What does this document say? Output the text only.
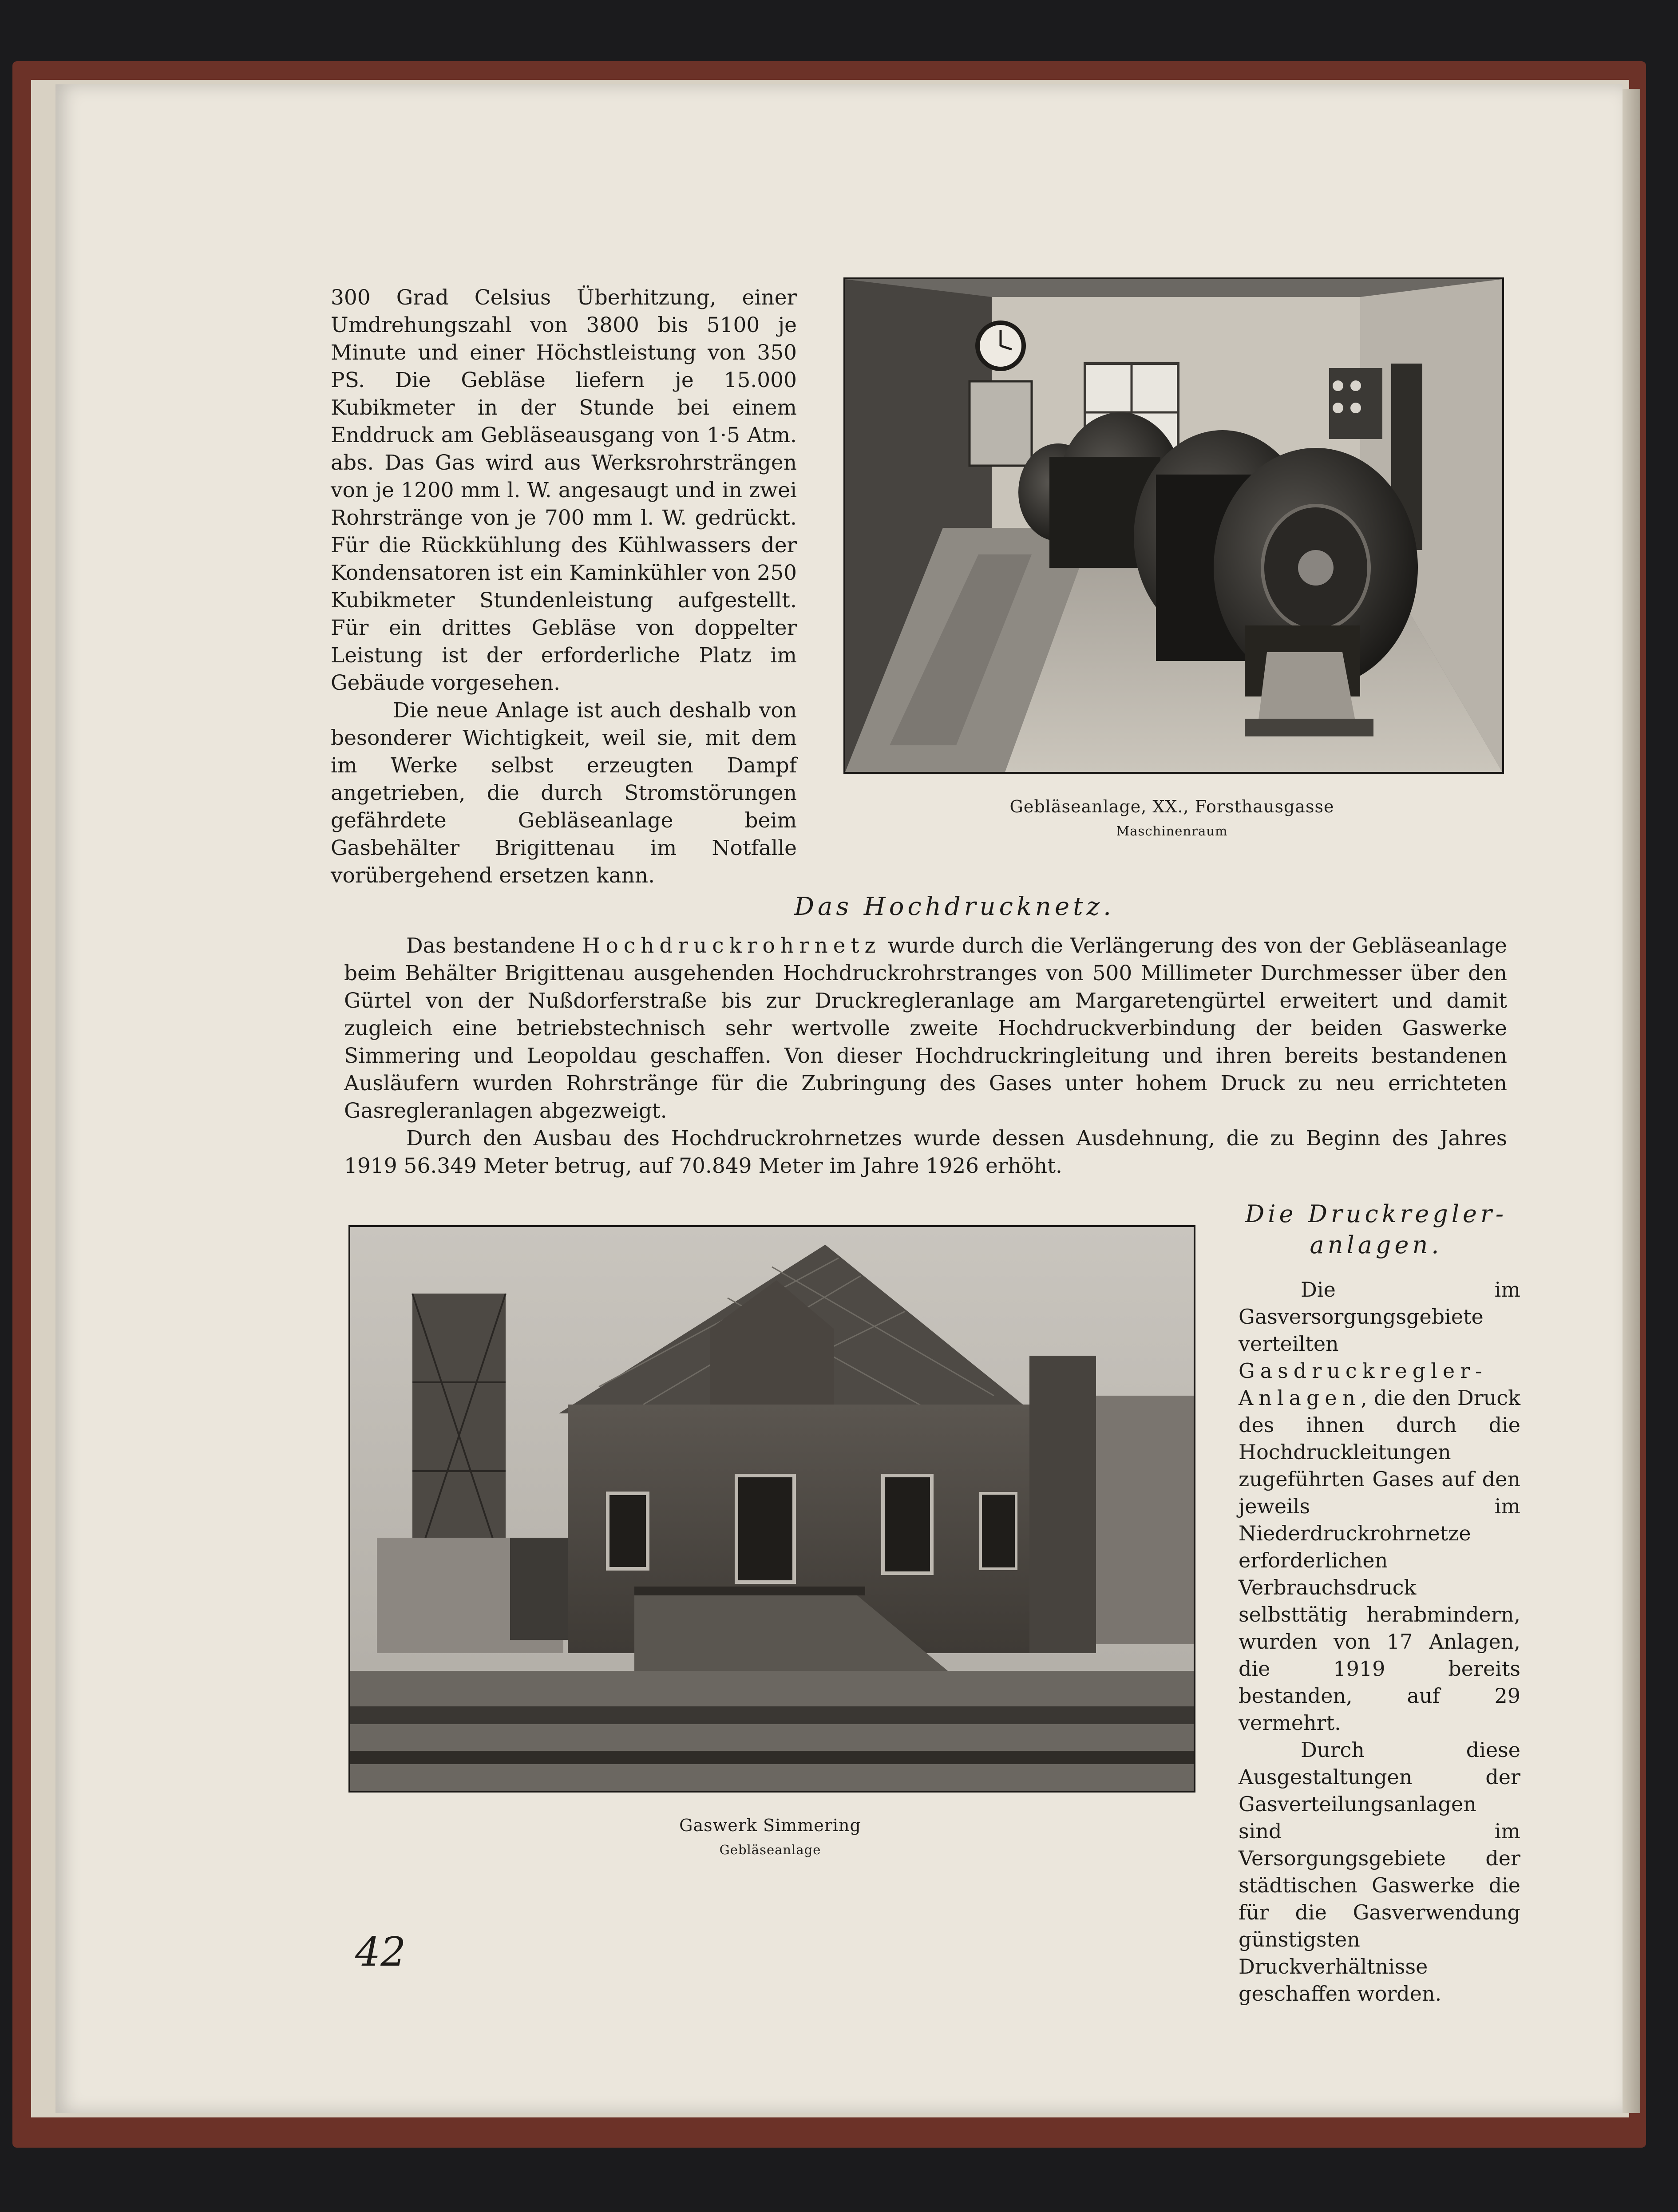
300 Grad Celsius Überhitzung, einer Umdrehungszahl von 3800 bis 5100 je Minute und einer Höchstleistung von 350 PS. Die Gebläse liefern je 15.000 Kubikmeter in der Stunde bei einem Enddruck am Gebläseausgang von 1·5 Atm. abs. Das Gas wird aus Werksrohrsträngen von je 1200 mm l. W. angesaugt und in zwei Rohrstränge von je 700 mm l. W. gedrückt. Für die Rückkühlung des Kühlwassers der Kondensatoren ist ein Kaminkühler von 250 Kubikmeter Stundenleistung aufgestellt. Für ein drittes Gebläse von doppelter Leistung ist der erforderliche Platz im Gebäude vorgesehen.

Die neue Anlage ist auch deshalb von besonderer Wichtigkeit, weil sie, mit dem im Werke selbst erzeugten Dampf angetrieben, die durch Stromstörungen gefährdete Gebläseanlage beim Gasbehälter Brigittenau im Notfalle vorübergehend ersetzen kann.

Gebläseanlage, XX., Forsthausgasse

Maschinenraum

Das Hochdrucknetz.

Das bestandene Hochdruckrohrnetz wurde durch die Verlängerung des von der Gebläseanlage beim Behälter Brigittenau ausgehenden Hochdruckrohrstranges von 500 Millimeter Durchmesser über den Gürtel von der Nußdorferstraße bis zur Druckregleranlage am Margaretengürtel erweitert und damit zugleich eine betriebstechnisch sehr wertvolle zweite Hochdruckverbindung der beiden Gaswerke Simmering und Leopoldau geschaffen. Von dieser Hochdruckringleitung und ihren bereits bestandenen Ausläufern wurden Rohrstränge für die Zubringung des Gases unter hohem Druck zu neu errichteten Gasregleranlagen abgezweigt.

Durch den Ausbau des Hochdruckrohrnetzes wurde dessen Ausdehnung, die zu Beginn des Jahres 1919 56.349 Meter betrug, auf 70.849 Meter im Jahre 1926 erhöht.

Gaswerk Simmering

Gebläseanlage

Die Druckregler-
anlagen.

Die im Gasversorgungsgebiete verteilten Gasdruckregler-Anlagen, die den Druck des ihnen durch die Hochdruckleitungen zugeführten Gases auf den jeweils im Niederdruckrohrnetze erforderlichen Verbrauchsdruck selbsttätig herabmindern, wurden von 17 Anlagen, die 1919 bereits bestanden, auf 29 vermehrt.

Durch diese Ausgestaltungen der Gasverteilungsanlagen sind im Versorgungsgebiete der städtischen Gaswerke die für die Gasverwendung günstigsten Druckverhältnisse geschaffen worden.

42
